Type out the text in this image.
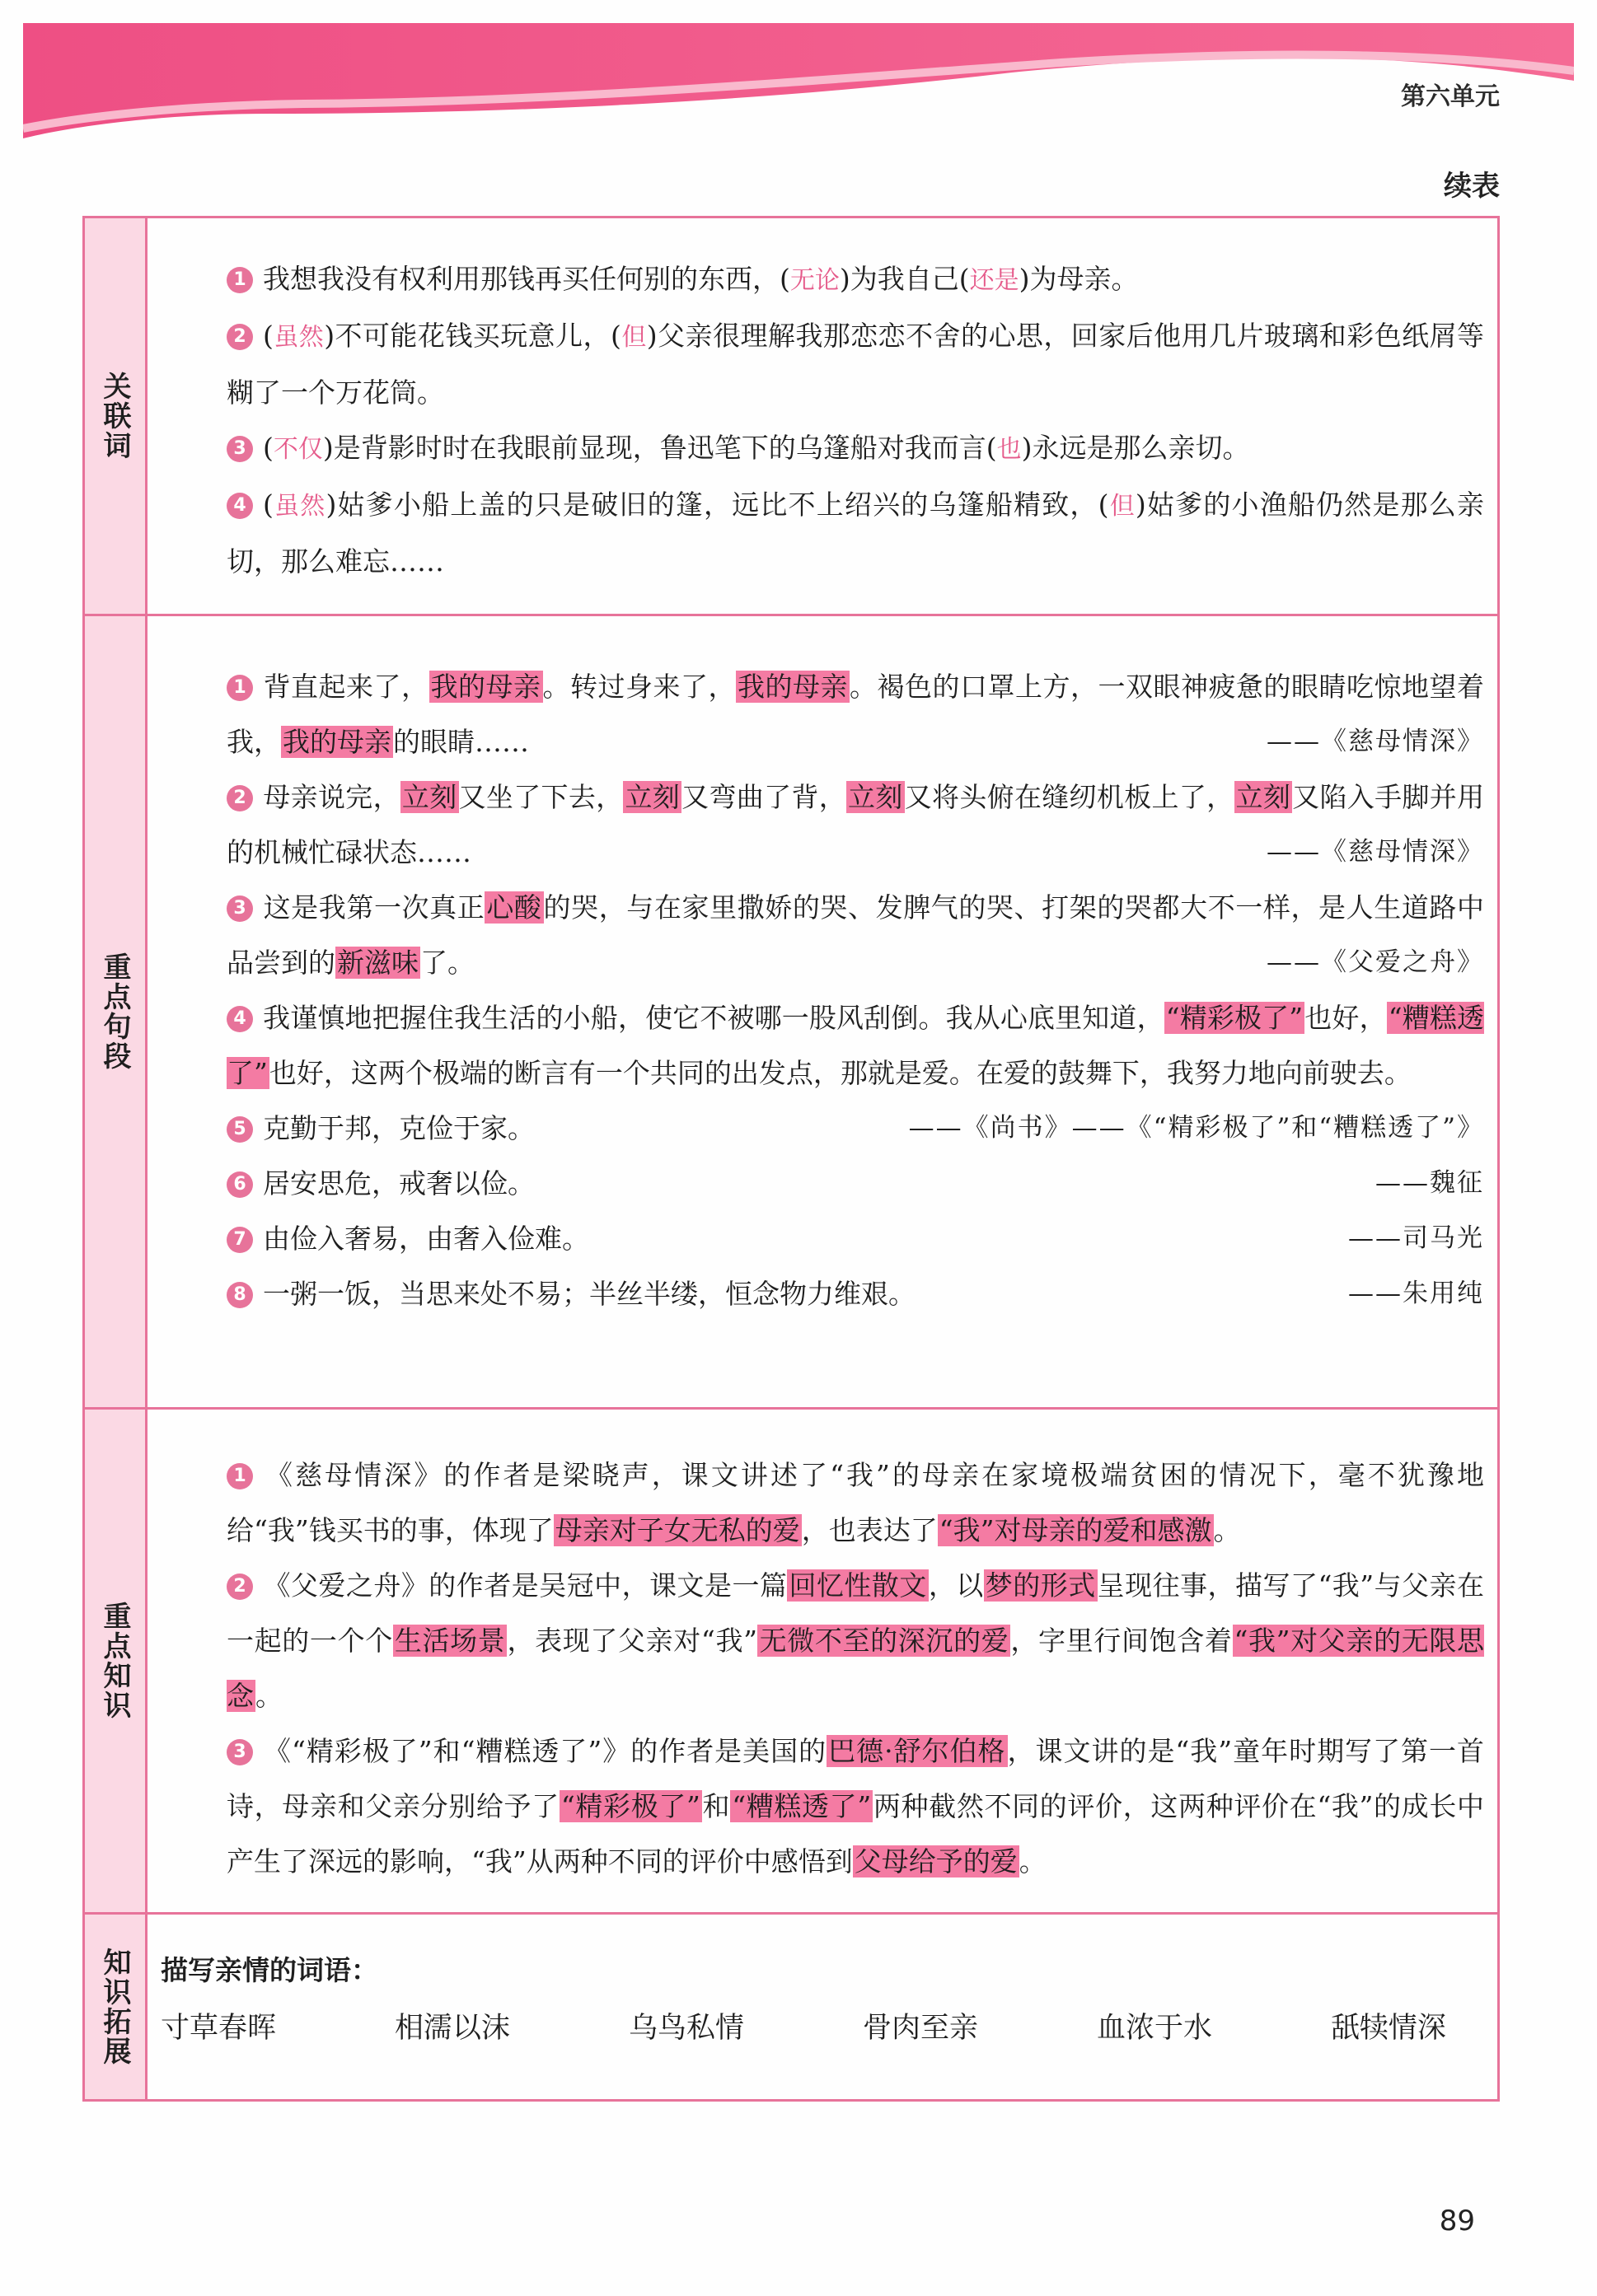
第六单元
续表
关联词

1 我想我没有权利用那钱再买任何别的东西，(无论)为我自己(还是)为母亲。

2 (虽然)不可能花钱买玩意儿，(但)父亲很理解我那恋恋不舍的心思，回家后他用几片玻璃和彩色纸屑等糊了一个万花筒。

3 (不仅)是背影时时在我眼前显现，鲁迅笔下的乌篷船对我而言(也)永远是那么亲切。

4 (虽然)姑爹小船上盖的只是破旧的篷，远比不上绍兴的乌篷船精致，(但)姑爹的小渔船仍然是那么亲切，那么难忘……

重点句段

1 背直起来了，我的母亲。转过身来了，我的母亲。褐色的口罩上方，一双眼神疲惫的眼睛吃惊地望着我，我的母亲的眼睛……	——《慈母情深》

2 母亲说完，立刻又坐了下去，立刻又弯曲了背，立刻又将头俯在缝纫机板上了，立刻又陷入手脚并用的机械忙碌状态……	——《慈母情深》

3 这是我第一次真正心酸的哭，与在家里撒娇的哭、发脾气的哭、打架的哭都大不一样，是人生道路中品尝到的新滋味了。	——《父爱之舟》

4 我谨慎地把握住我生活的小船，使它不被哪一股风刮倒。我从心底里知道，“精彩极了”也好，“糟糕透了”也好，这两个极端的断言有一个共同的出发点，那就是爱。在爱的鼓舞下，我努力地向前驶去。
——《“精彩极了”和“糟糕透了”》

5 克勤于邦，克俭于家。	——《尚书》

6 居安思危，戒奢以俭。	——魏征

7 由俭入奢易，由奢入俭难。	——司马光

8 一粥一饭，当思来处不易；半丝半缕，恒念物力维艰。	——朱用纯

重点知识

1 《慈母情深》的作者是梁晓声，课文讲述了“我”的母亲在家境极端贫困的情况下，毫不犹豫地给“我”钱买书的事，体现了母亲对子女无私的爱，也表达了“我”对母亲的爱和感激。

2 《父爱之舟》的作者是吴冠中，课文是一篇回忆性散文，以梦的形式呈现往事，描写了“我”与父亲在一起的一个个生活场景，表现了父亲对“我”无微不至的深沉的爱，字里行间饱含着“我”对父亲的无限思念。

3 《“精彩极了”和“糟糕透了”》的作者是美国的巴德·舒尔伯格，课文讲的是“我”童年时期写了第一首诗，母亲和父亲分别给予了“精彩极了”和“糟糕透了”两种截然不同的评价，这两种评价在“我”的成长中产生了深远的影响，“我”从两种不同的评价中感悟到父母给予的爱。

知识拓展 描写亲情的词语：

寸草春晖	相濡以沫	乌鸟私情	骨肉至亲	血浓于水	舐犊情深
89
